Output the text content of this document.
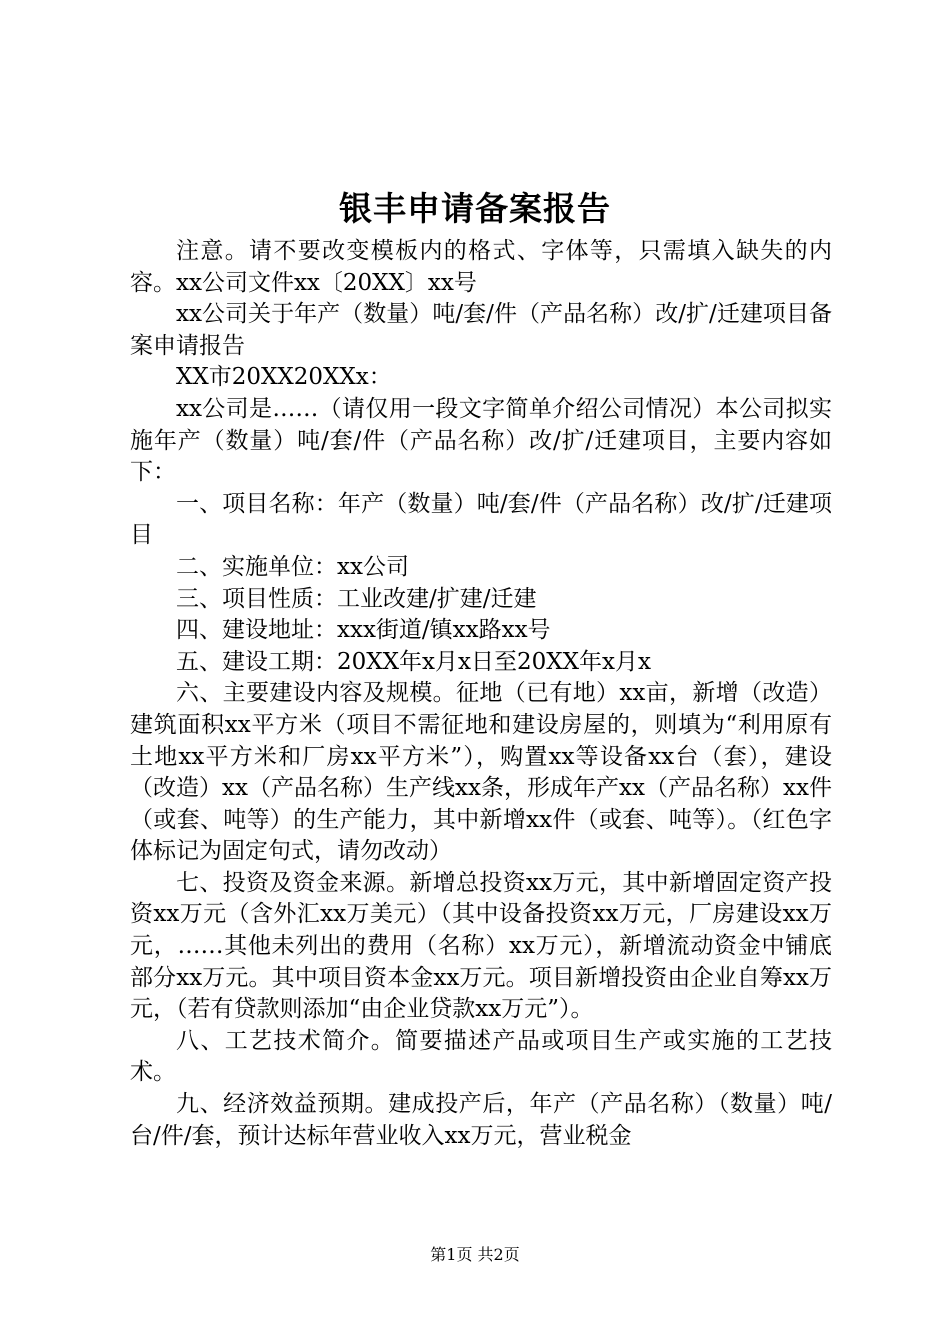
银丰申请备案报告

注意。请不要改变模板内的格式、字体等，只需填入缺失的内容。xx公司文件xx〔20XX〕xx号

xx公司关于年产（数量）吨/套/件（产品名称）改/扩/迁建项目备案申请报告

XX市20XX20XXx：

xx公司是……（请仅用一段文字简单介绍公司情况）本公司拟实施年产（数量）吨/套/件（产品名称）改/扩/迁建项目，主要内容如下：

一、项目名称：年产（数量）吨/套/件（产品名称）改/扩/迁建项目

二、实施单位：xx公司

三、项目性质：工业改建/扩建/迁建

四、建设地址：xxx街道/镇xx路xx号

五、建设工期：20XX年x月x日至20XX年x月x

六、主要建设内容及规模。征地（已有地）xx亩，新增（改造）建筑面积xx平方米（项目不需征地和建设房屋的，则填为“利用原有土地xx平方米和厂房xx平方米”），购置xx等设备xx台（套），建设（改造）xx（产品名称）生产线xx条，形成年产xx（产品名称）xx件（或套、吨等）的生产能力，其中新增xx件（或套、吨等）。（红色字体标记为固定句式，请勿改动）

七、投资及资金来源。新增总投资xx万元，其中新增固定资产投资xx万元（含外汇xx万美元）（其中设备投资xx万元，厂房建设xx万元，……其他未列出的费用（名称）xx万元），新增流动资金中铺底部分xx万元。其中项目资本金xx万元。项目新增投资由企业自筹xx万元，（若有贷款则添加“由企业贷款xx万元”）。

八、工艺技术简介。简要描述产品或项目生产或实施的工艺技术。

九、经济效益预期。建成投产后，年产（产品名称）（数量）吨/台/件/套，预计达标年营业收入xx万元，营业税金

第1页 共2页
